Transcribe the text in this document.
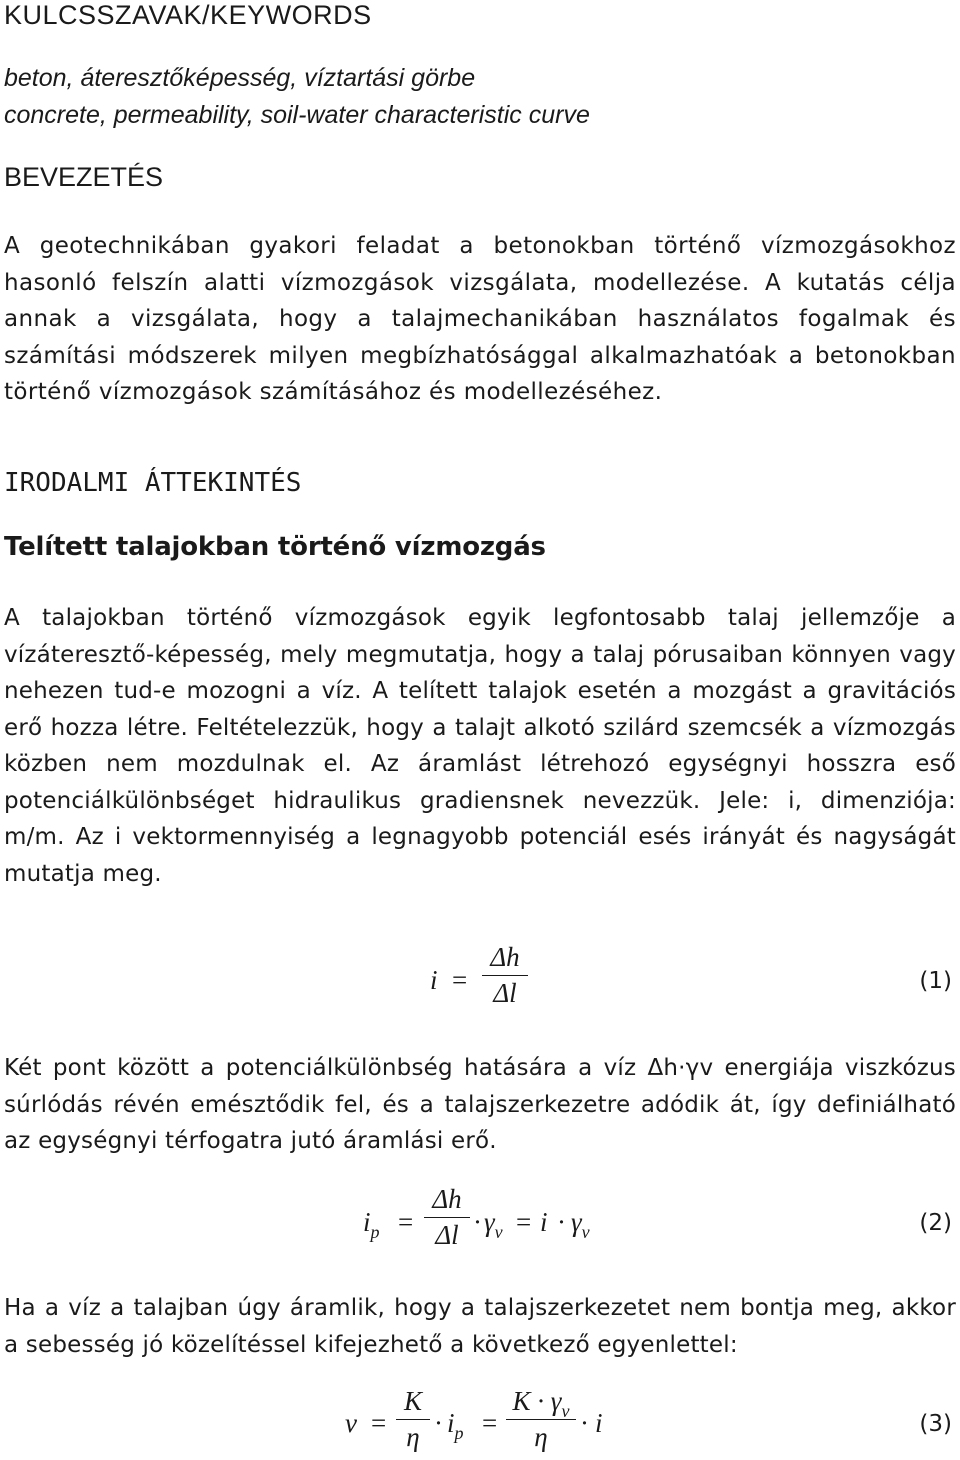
KULCSSZAVAK/KEYWORDS
beton, áteresztőképesség, víztartási görbe
concrete, permeability, soil-water characteristic curve
BEVEZETÉS
A geotechnikában gyakori feladat a betonokban történő vízmozgásokhoz hasonló felszín alatti vízmozgások vizsgálata, modellezése. A kutatás célja annak a vizsgálata, hogy a talajmechanikában használatos fogalmak és számítási módszerek milyen megbízhatósággal alkalmazhatóak a betonokban történő vízmozgások számításához és modellezéséhez.
IRODALMI ÁTTEKINTÉS
Telített talajokban történő vízmozgás
A talajokban történő vízmozgások egyik legfontosabb talaj jellemzője a vízáteresztő-képesség, mely megmutatja, hogy a talaj pórusaiban könnyen vagy nehezen tud-e mozogni a víz. A telített talajok esetén a mozgást a gravitációs erő hozza létre. Feltételezzük, hogy a talajt alkotó szilárd szemcsék a vízmozgás közben nem mozdulnak el. Az áramlást létrehozó egységnyi hosszra eső potenciálkülönbséget hidraulikus gradiensnek nevezzük. Jele: i, dimenziója: m/m. Az i vektormennyiség a legnagyobb potenciál esés irányát és nagyságát mutatja meg.
i =
Δh
Δl	(1)
Két pont között a potenciálkülönbség hatására a víz Δh·γv energiája viszkózus súrlódás révén emésztődik fel, és a talajszerkezetre adódik át, így definiálható az egységnyi térfogatra jutó áramlási erő.
$i_p$ =
Δh
$\Delta l \cdot \gamma_v = i \cdot \gamma_v$	(2)
Ha a víz a talajban úgy áramlik, hogy a talajszerkezetet nem bontja meg, akkor a sebesség jó közelítéssel kifejezhető a következő egyenlettel:
v =
K
$\eta \cdot i_p$ =
$K \cdot \gamma_v$
η	· i	(3)
